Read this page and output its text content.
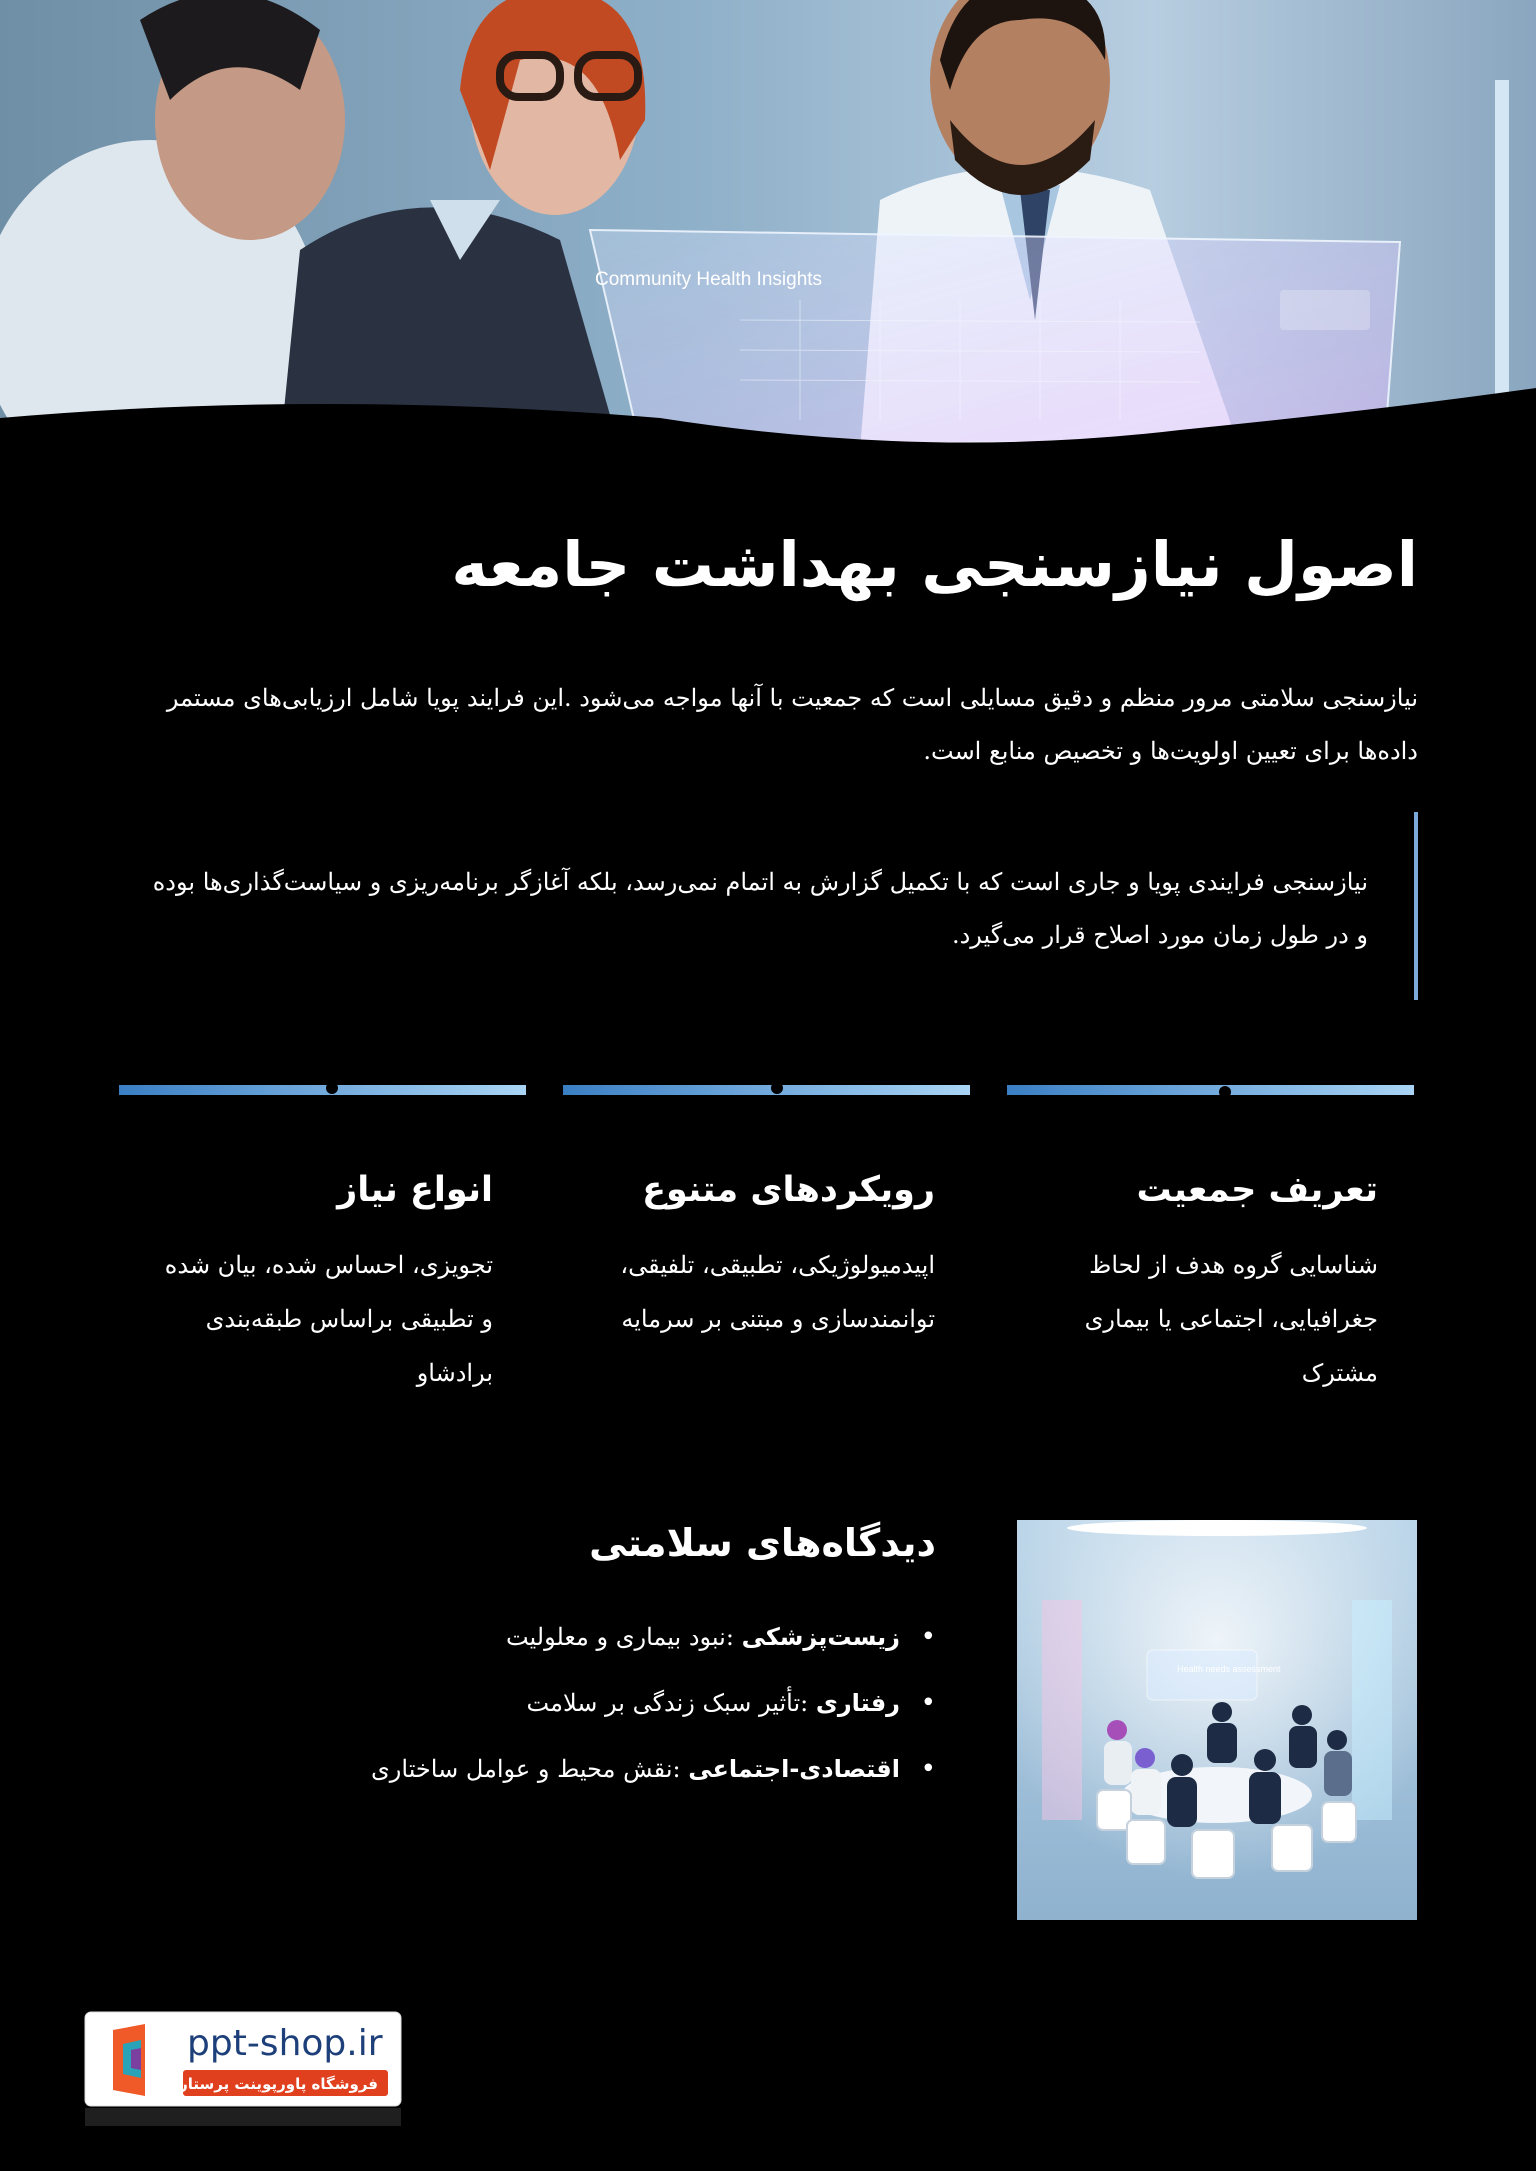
Community Health Insights
اصول نیازسنجی بهداشت جامعه

نیازسنجی سلامتی مرور منظم و دقیق مسایلی است که جمعیت با آنها مواجه می‌شود .این فرایند پویا شامل ارزیابی‌های مستمر داده‌ها برای تعیین اولویت‌ها و تخصیص منابع است.

نیازسنجی فرایندی پویا و جاری است که با تکمیل گزارش به اتمام نمی‌رسد، بلکه آغازگر برنامه‌ریزی و سیاست‌گذاری‌ها بوده و در طول زمان مورد اصلاح قرار می‌گیرد.

تعریف جمعیت

شناسایی گروه هدف از لحاظ جغرافیایی، اجتماعی یا بیماری مشترک

رویکردهای متنوع

اپیدمیولوژیکی، تطبیقی، تلفیقی، توانمندسازی و مبتنی بر سرمایه

انواع نیاز

تجویزی، احساس شده، بیان شده و تطبیقی براساس طبقه‌بندی برادشاو

دیدگاه‌های سلامتی
•
زیست‌پزشکی :نبود بیماری و معلولیت
•
رفتاری :تأثیر سبک زندگی بر سلامت
•
اقتصادی-اجتماعی :نقش محیط و عوامل ساختاری
Health needs assessment
ppt-shop.ir
فروشگاه پاورپوینت پرستاری
